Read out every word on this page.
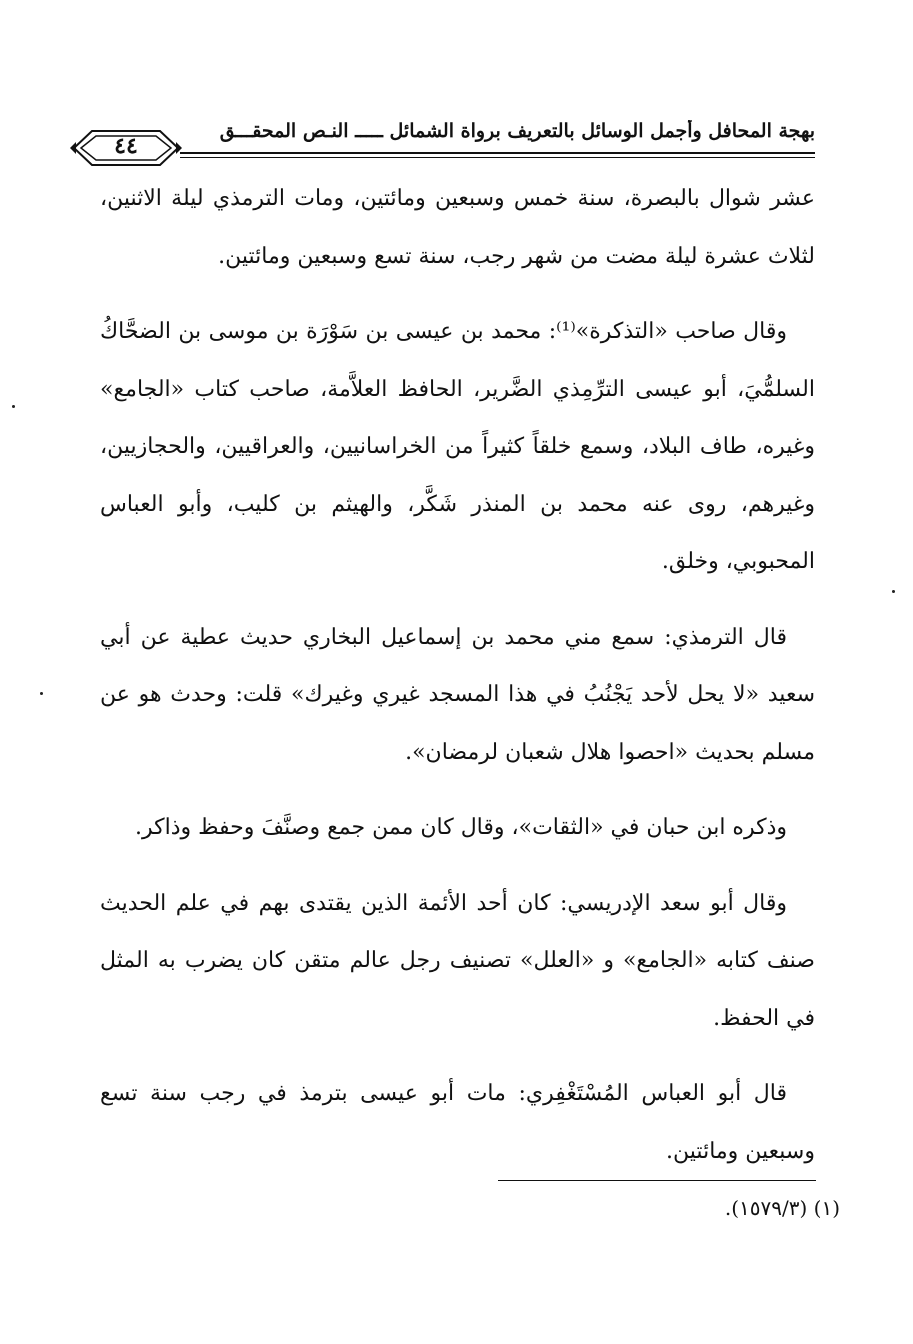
بهجة المحافل وأجمل الوسائل بالتعريف برواة الشمائل ـــــ النـص المحقـــق
٤٤

عشر شوال بالبصرة، سنة خمس وسبعين ومائتين، ومات الترمذي ليلة الاثنين، لثلاث عشرة ليلة مضت من شهر رجب، سنة تسع وسبعين ومائتين.

وقال صاحب «التذكرة»⁽¹⁾: محمد بن عيسى بن سَوْرَة بن موسى بن الضحَّاكُ السلمُّيَ، أبو عيسى الترِّمِذي الضَّرير، الحافظ العلاَّمة، صاحب كتاب «الجامع» وغيره، طاف البلاد، وسمع خلقاً كثيراً من الخراسانيين، والعراقيين، والحجازيين، وغيرهم، روى عنه محمد بن المنذر شَكَّر، والهيثم بن كليب، وأبو العباس المحبوبي، وخلق.

قال الترمذي: سمع مني محمد بن إسماعيل البخاري حديث عطية عن أبي سعيد «لا يحل لأحد يَجْنُبُ في هذا المسجد غيري وغيرك» قلت: وحدث هو عن مسلم بحديث «احصوا هلال شعبان لرمضان».

وذكره ابن حبان في «الثقات»، وقال كان ممن جمع وصنَّفَ وحفظ وذاكر.

وقال أبو سعد الإدريسي: كان أحد الأئمة الذين يقتدى بهم في علم الحديث صنف كتابه «الجامع» و «العلل» تصنيف رجل عالم متقن كان يضرب به المثل في الحفظ.

قال أبو العباس المُسْتَغْفِري: مات أبو عيسى بترمذ في رجب سنة تسع وسبعين ومائتين.

(١) (١٥٧٩/٣).
